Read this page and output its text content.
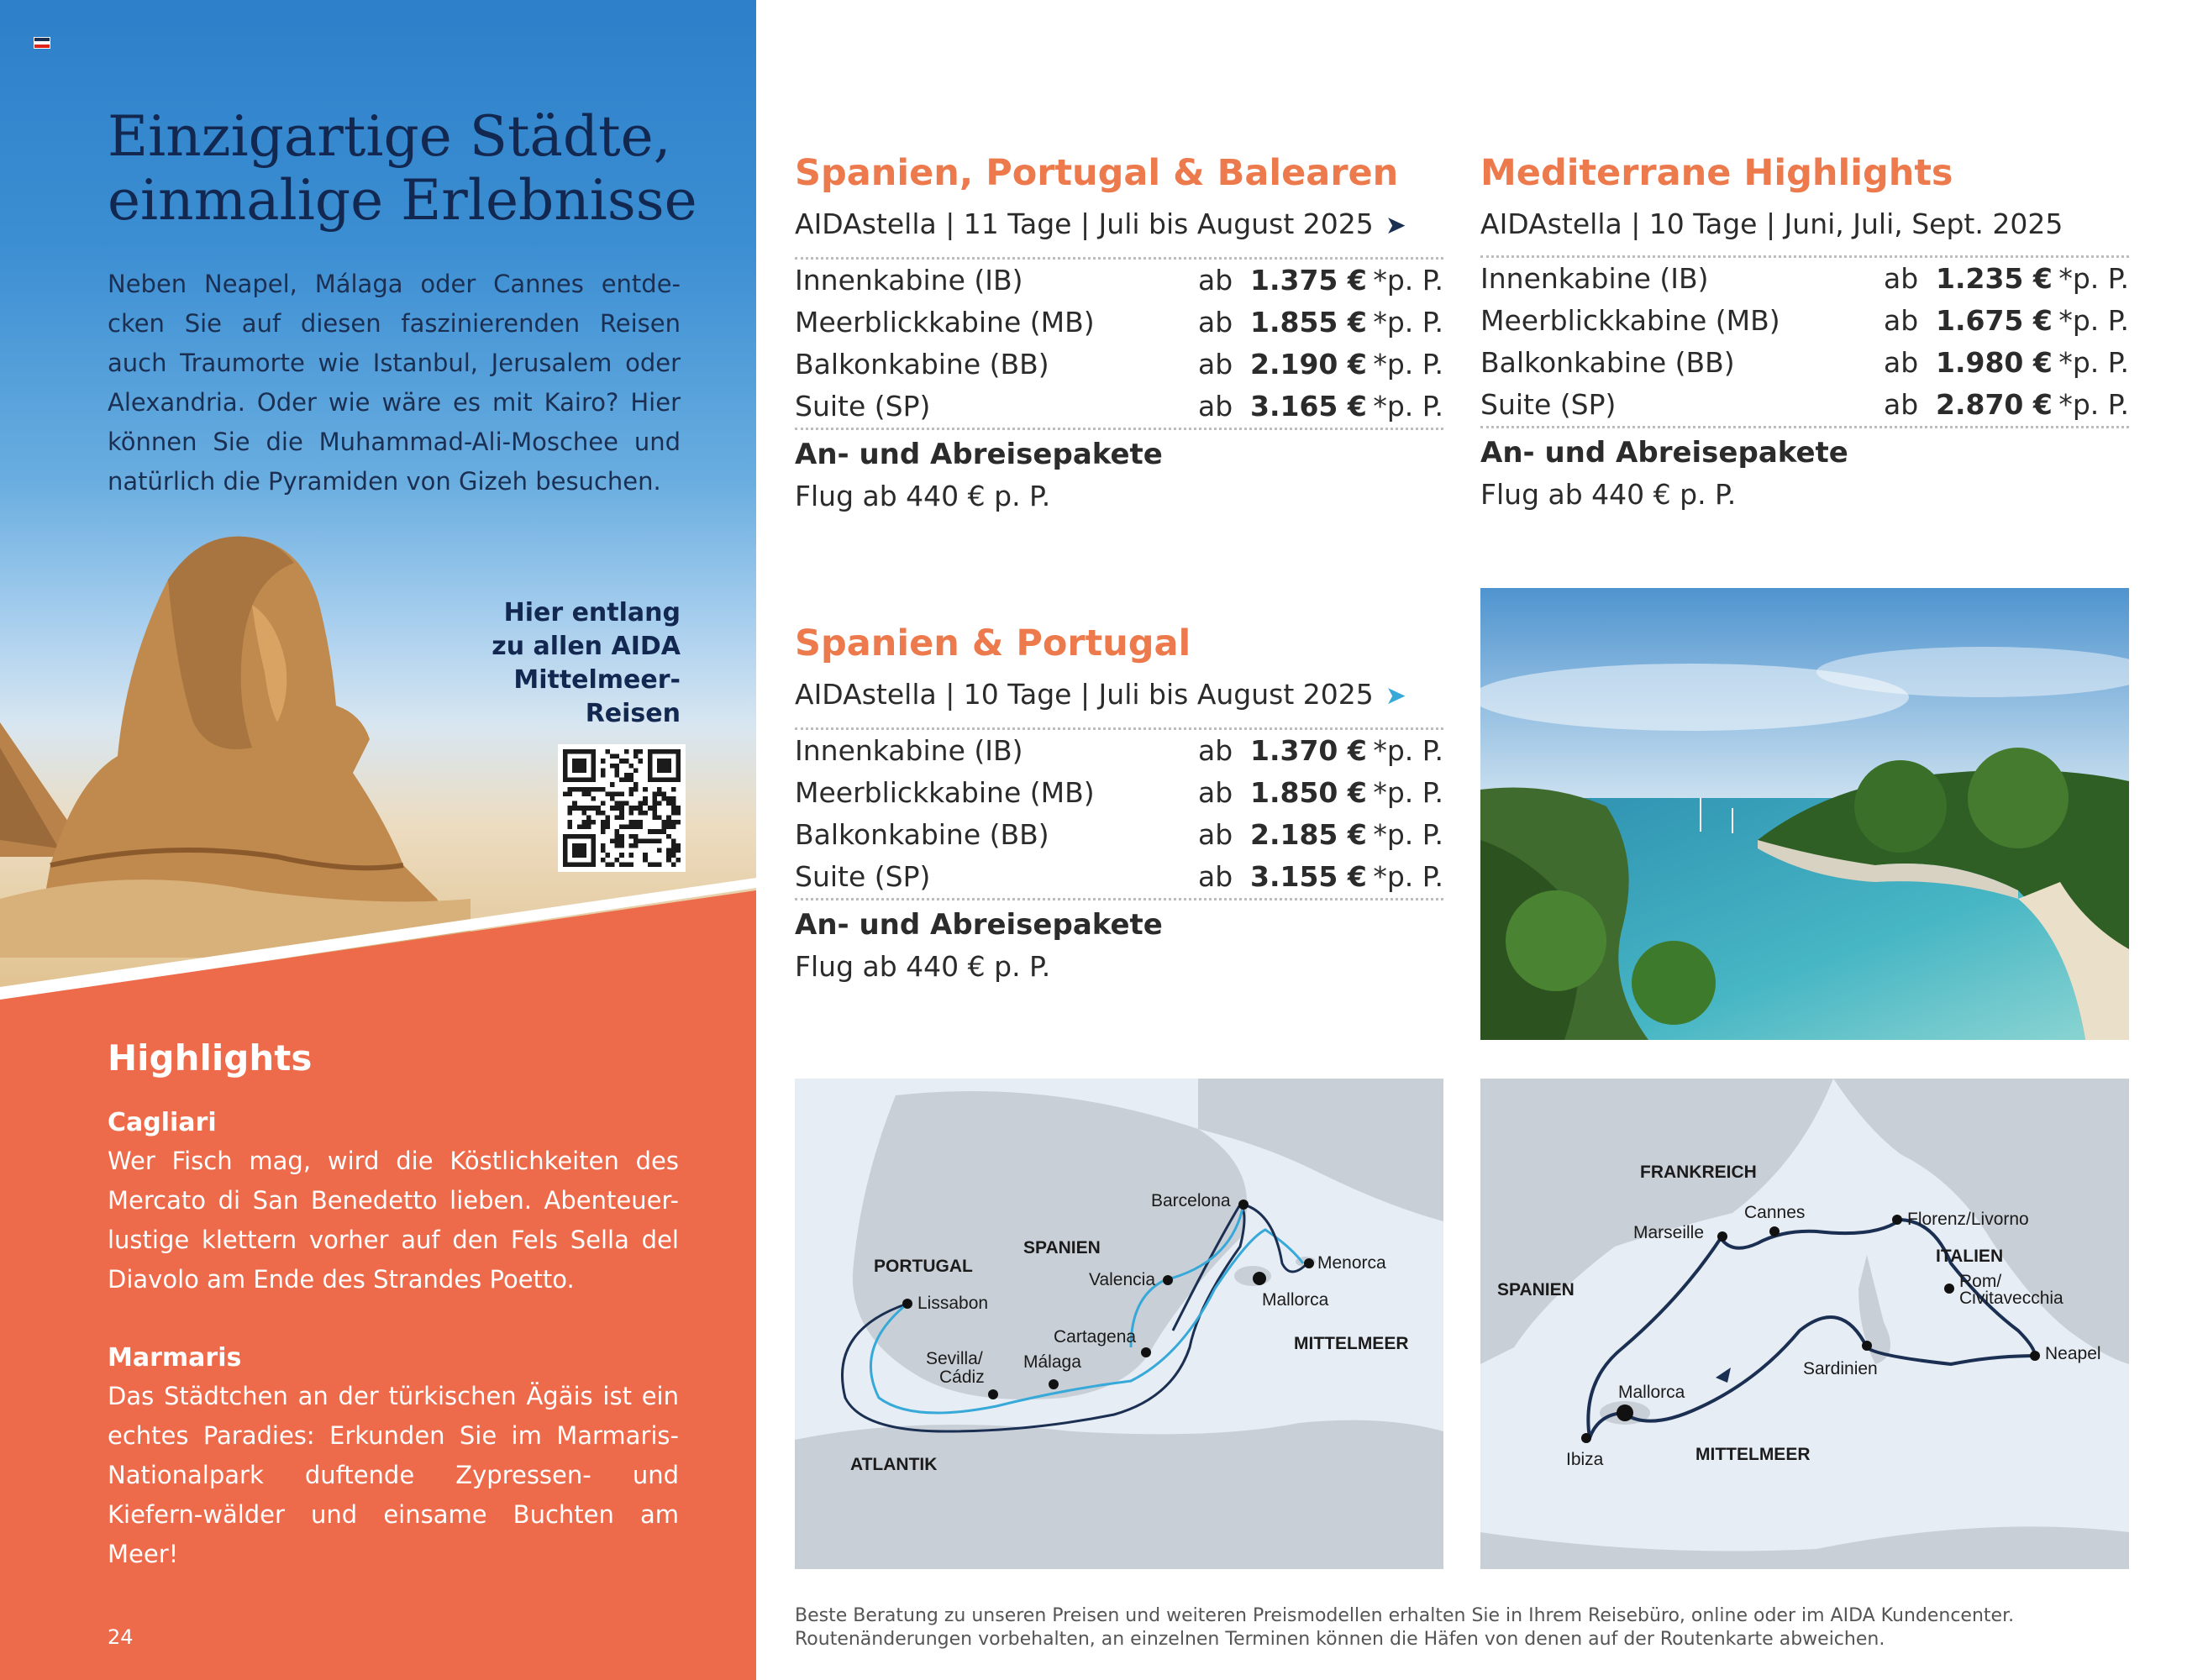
Einzigartige Städte,
einmalige Erlebnisse

Neben Neapel, Málaga oder Cannes entde-cken Sie auf diesen faszinierenden Reisen auch Traumorte wie Istanbul, Jerusalem oder Alexandria. Oder wie wäre es mit Kairo? Hier können Sie die Muhammad-Ali-Moschee und natürlich die Pyramiden von Gizeh besuchen.

Hier entlang
zu allen AIDA
Mittelmeer-
Reisen
Highlights
Cagliari
Wer Fisch mag, wird die Köstlichkeiten des Mercato di San Benedetto lieben. Abenteuer-lustige klettern vorher auf den Fels Sella del Diavolo am Ende des Strandes Poetto.
Marmaris
Das Städtchen an der türkischen Ägäis ist ein echtes Paradies: Erkunden Sie im Marmaris-Nationalpark duftende Zypressen- und Kiefern-wälder und einsame Buchten am Meer!
24
Spanien, Portugal & Balearen
AIDAstella | 11 Tage | Juli bis August 2025 ➤
Innenkabine (IB)	ab 1.375 € *p. P.
Meerblickkabine (MB)	ab 1.855 € *p. P.
Balkonkabine (BB)	ab 2.190 € *p. P.
Suite (SP)	ab 3.165 € *p. P.
An- und Abreisepakete
Flug ab 440 € p. P.
Mediterrane Highlights
AIDAstella | 10 Tage | Juni, Juli, Sept. 2025
Innenkabine (IB)	ab 1.235 € *p. P.
Meerblickkabine (MB)	ab 1.675 € *p. P.
Balkonkabine (BB)	ab 1.980 € *p. P.
Suite (SP)	ab 2.870 € *p. P.
An- und Abreisepakete
Flug ab 440 € p. P.
Spanien & Portugal
AIDAstella | 10 Tage | Juli bis August 2025 ➤
Innenkabine (IB)	ab 1.370 € *p. P.
Meerblickkabine (MB)	ab 1.850 € *p. P.
Balkonkabine (BB)	ab 2.185 € *p. P.
Suite (SP)	ab 3.155 € *p. P.
An- und Abreisepakete
Flug ab 440 € p. P.
PORTUGAL
SPANIEN
ATLANTIK
MITTELMEER
Barcelona
Menorca
Valencia
Mallorca
Lissabon
Cartagena
Sevilla/
Cádiz
Málaga
FRANKREICH
ITALIEN
SPANIEN
MITTELMEER
Marseille
Cannes	Florenz/Livorno
Rom/
Civitavecchia
Neapel
Sardinien
Mallorca
Ibiza
Beste Beratung zu unseren Preisen und weiteren Preismodellen erhalten Sie in Ihrem Reisebüro, online oder im AIDA Kundencenter.
Routenänderungen vorbehalten, an einzelnen Terminen können die Häfen von denen auf der Routenkarte abweichen.
